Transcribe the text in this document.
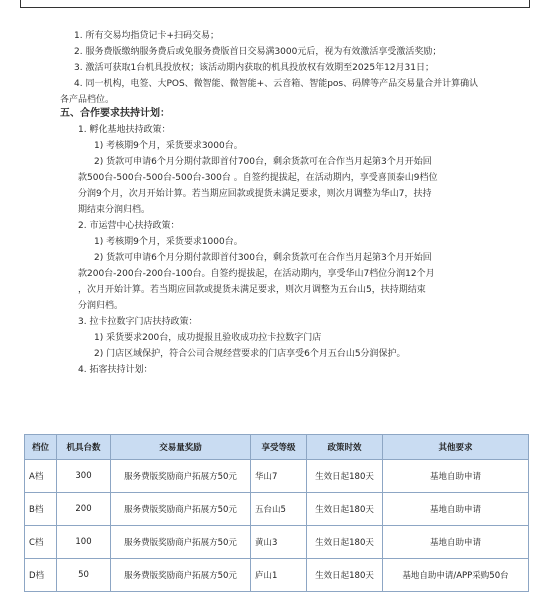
1. 所有交易均指贷记卡+扫码交易；
2. 服务费版缴纳服务费后或免服务费版首日交易满3000元后，视为有效激活享受激活奖励；
3. 激活可获取1台机具投放权；该活动期内获取的机具投放权有效期至2025年12月31日；
4. 同一机构，电签、大POS、微智能、微智能+、云音箱、智能pos、码牌等产品交易量合并计算确认
各产品档位。
五、合作要求扶持计划：
1. 孵化基地扶持政策：
1) 考核期9个月，采货要求3000台。
2) 货款可申请6个月分期付款即首付700台，剩余货款可在合作当月起第3个月开始回
款500台-500台-500台-500台-300台 。自签约提拔起，在活动期内，享受喜顶泰山9档位
分润9个月，次月开始计算。若当期应回款或提货未满足要求，则次月调整为华山7，扶持
期结束分润归档。
2. 市运营中心扶持政策：
1) 考核期9个月，采货要求1000台。
2) 货款可申请6个月分期付款即首付300台，剩余货款可在合作当月起第3个月开始回
款200台-200台-200台-100台。自签约提拔起，在活动期内，享受华山7档位分润12个月
，次月开始计算。若当期应回款或提货未满足要求，则次月调整为五台山5，扶持期结束
分润归档。
3. 拉卡拉数字门店扶持政策：
1) 采货要求200台，成功提报且验收成功拉卡拉数字门店
2) 门店区域保护，符合公司合规经营要求的门店享受6个月五台山5分润保护。
4. 拓客扶持计划：
档位	机具台数	交易量奖励	享受等级	政策时效	其他要求
A档	300	服务费版奖励商户拓展方50元	华山7	生效日起180天	基地自助申请
B档	200	服务费版奖励商户拓展方50元	五台山5	生效日起180天	基地自助申请
C档	100	服务费版奖励商户拓展方50元	黄山3	生效日起180天	基地自助申请
D档	50	服务费版奖励商户拓展方50元	庐山1	生效日起180天	基地自助申请/APP采购50台
